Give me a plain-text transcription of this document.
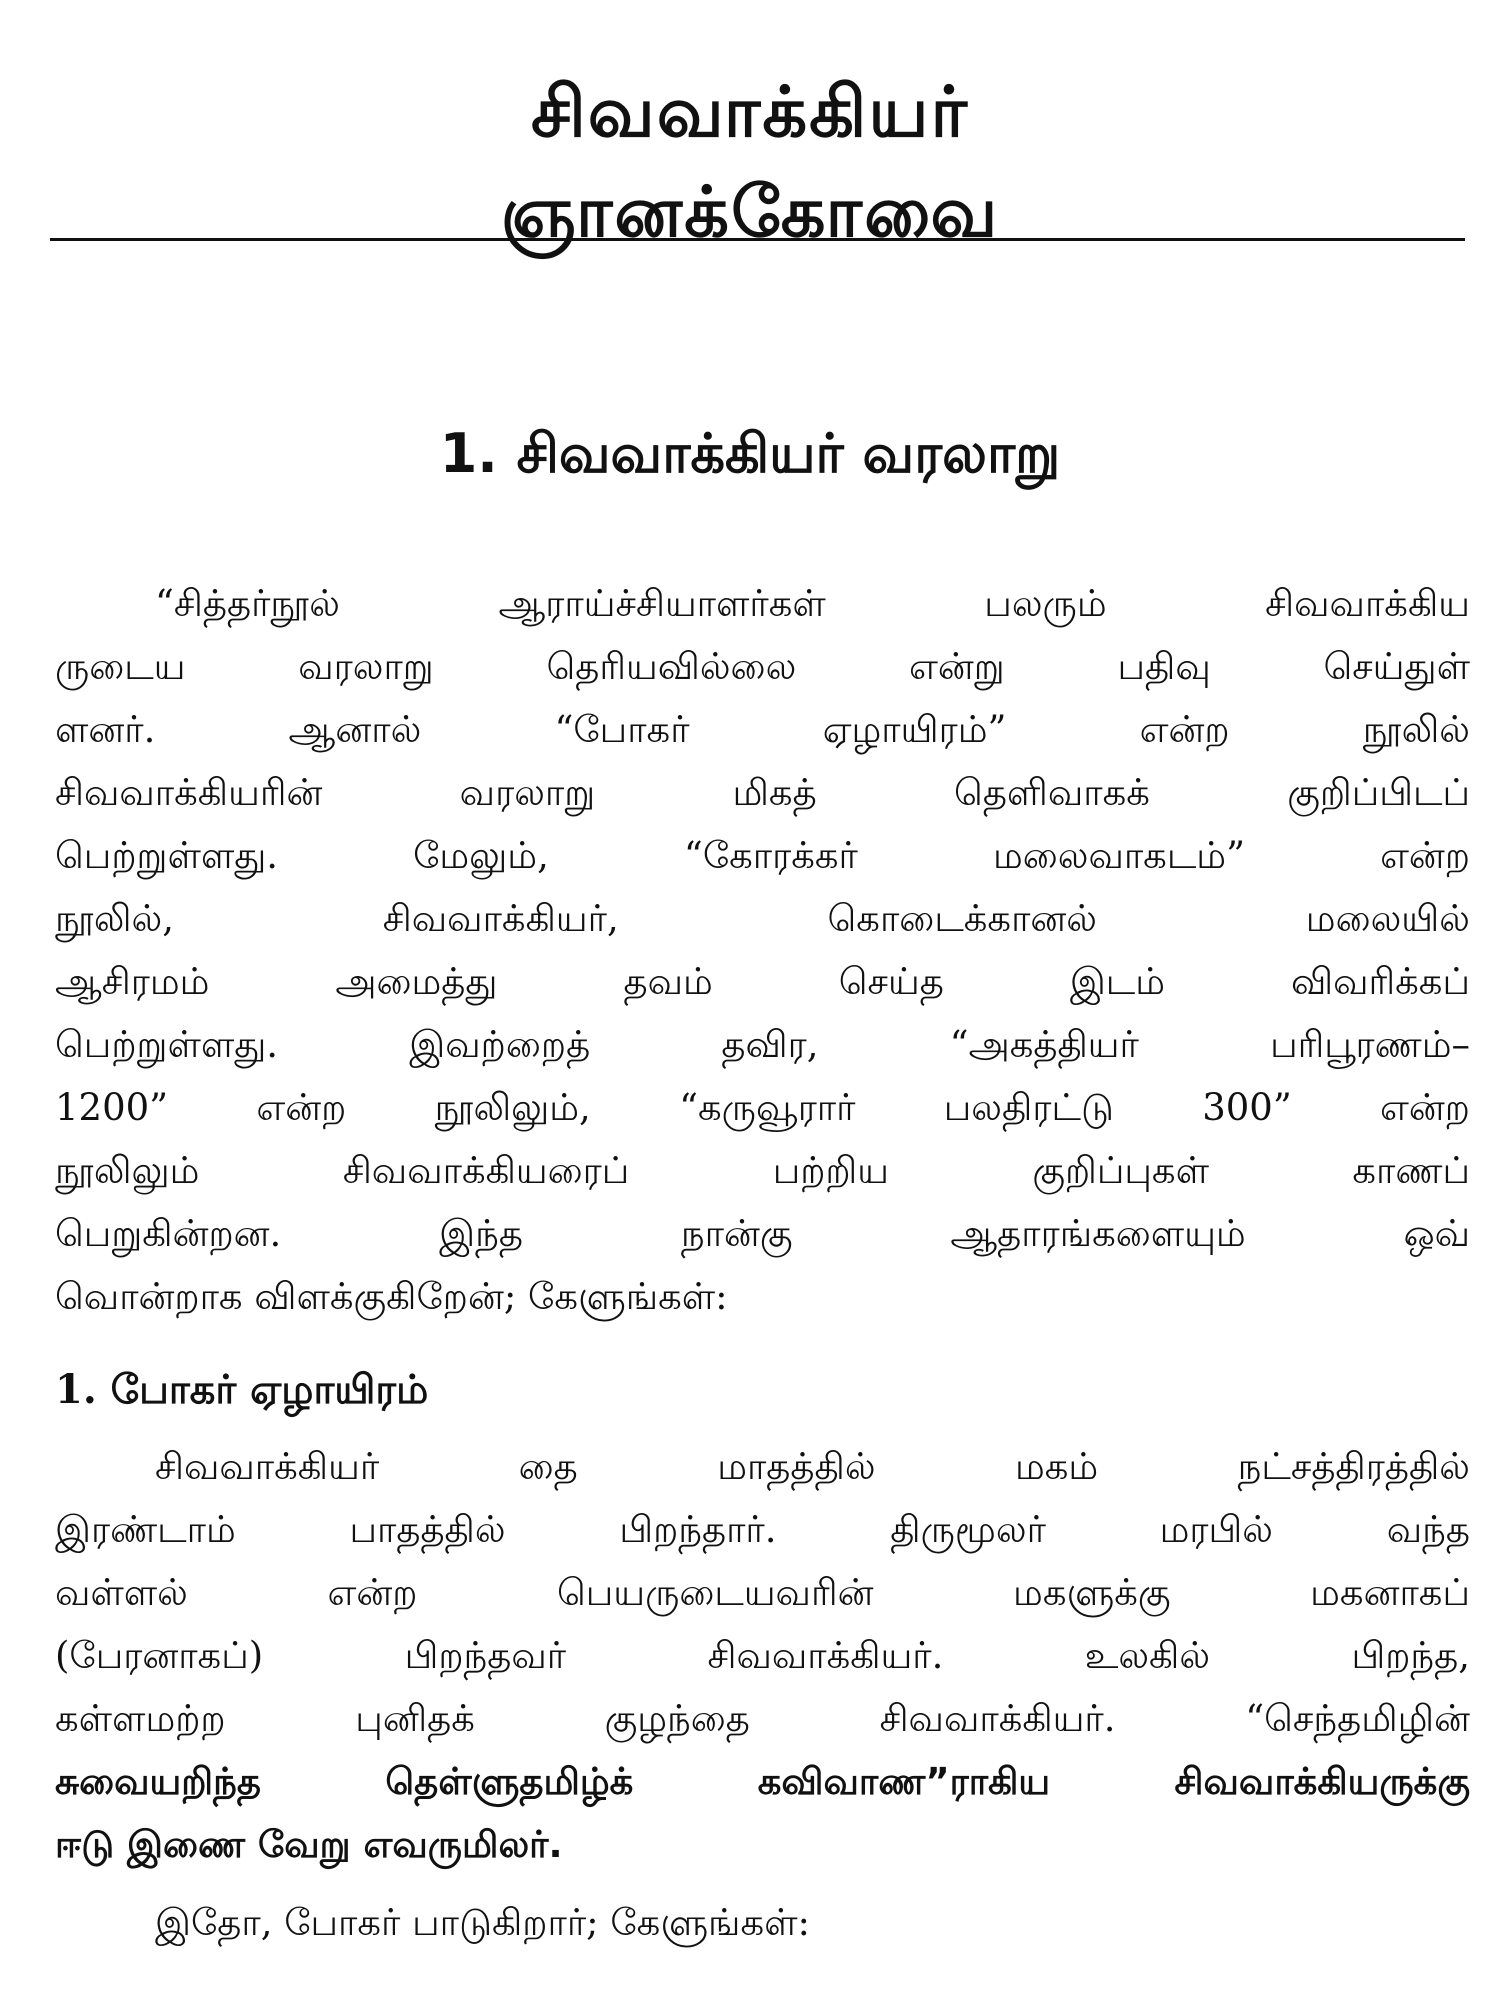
சிவவாக்கியர்
ஞானக்கோவை
1. சிவவாக்கியர் வரலாறு
“சித்தர்நூல் ஆராய்ச்சியாளர்கள் பலரும் சிவவாக்கிய
ருடைய வரலாறு தெரியவில்லை என்று பதிவு செய்துள்
ளனர். ஆனால் “போகர் ஏழாயிரம்” என்ற நூலில்
சிவவாக்கியரின் வரலாறு மிகத் தெளிவாகக் குறிப்பிடப்
பெற்றுள்ளது. மேலும், “கோரக்கர் மலைவாகடம்” என்ற
நூலில், சிவவாக்கியர், கொடைக்கானல் மலையில்
ஆசிரமம் அமைத்து தவம் செய்த இடம் விவரிக்கப்
பெற்றுள்ளது. இவற்றைத் தவிர, “அகத்தியர் பரிபூரணம்–
1200” என்ற நூலிலும், “கருவூரார் பலதிரட்டு 300” என்ற
நூலிலும் சிவவாக்கியரைப் பற்றிய குறிப்புகள் காணப்
பெறுகின்றன. இந்த நான்கு ஆதாரங்களையும் ஒவ்
வொன்றாக விளக்குகிறேன்; கேளுங்கள்:
1. போகர் ஏழாயிரம்
சிவவாக்கியர் தை மாதத்தில் மகம் நட்சத்திரத்தில்
இரண்டாம் பாதத்தில் பிறந்தார். திருமூலர் மரபில் வந்த
வள்ளல் என்ற பெயருடையவரின் மகளுக்கு மகனாகப்
(பேரனாகப்) பிறந்தவர் சிவவாக்கியர். உலகில் பிறந்த,
கள்ளமற்ற புனிதக் குழந்தை சிவவாக்கியர். “செந்தமிழின்
சுவையறிந்த தெள்ளுதமிழ்க் கவிவாண”ராகிய சிவவாக்கியருக்கு
ஈடு இணை வேறு எவருமிலர்.
இதோ, போகர் பாடுகிறார்; கேளுங்கள்:
